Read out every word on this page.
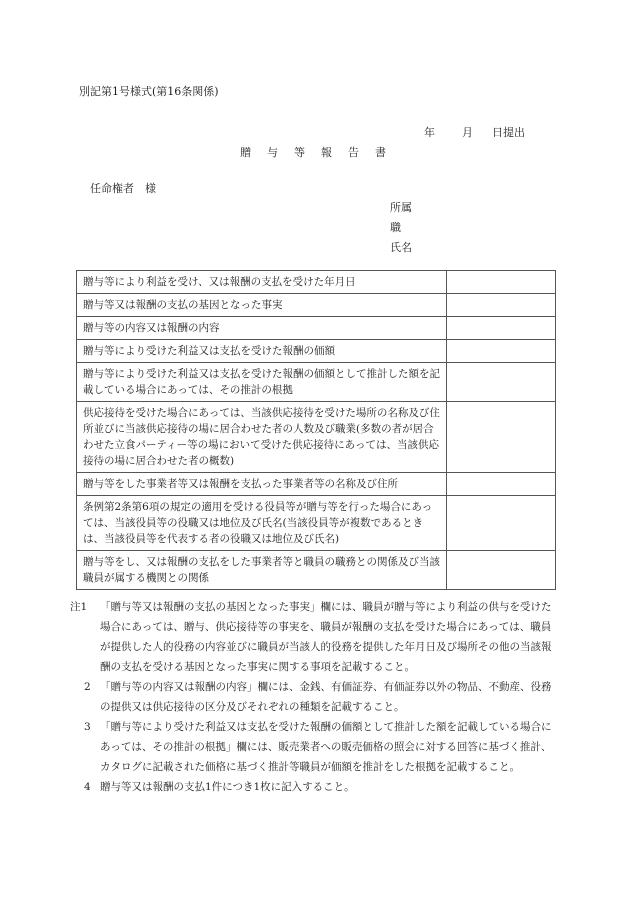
別記第1号様式(第16条関係)
年 月 日提出
贈 与 等 報 告 書
任命権者　様
所属
職
氏名
贈与等により利益を受け、又は報酬の支払を受けた年月日	
贈与等又は報酬の支払の基因となった事実	
贈与等の内容又は報酬の内容	
贈与等により受けた利益又は支払を受けた報酬の価額	
贈与等により受けた利益又は支払を受けた報酬の価額として推計した額を記載している場合にあっては、その推計の根拠	
供応接待を受けた場合にあっては、当該供応接待を受けた場所の名称及び住所並びに当該供応接待の場に居合わせた者の人数及び職業(多数の者が居合わせた立食パーティー等の場において受けた供応接待にあっては、当該供応接待の場に居合わせた者の概数)	
贈与等をした事業者等又は報酬を支払った事業者等の名称及び住所	
条例第2条第6項の規定の適用を受ける役員等が贈与等を行った場合にあっては、当該役員等の役職又は地位及び氏名(当該役員等が複数であるときは、当該役員等を代表する者の役職又は地位及び氏名)	
贈与等をし、又は報酬の支払をした事業者等と職員の職務との関係及び当該職員が属する機関との関係	
注1	「贈与等又は報酬の支払の基因となった事実」欄には、職員が贈与等により利益の供与を受けた場合にあっては、贈与、供応接待等の事実を、職員が報酬の支払を受けた場合にあっては、職員が提供した人的役務の内容並びに職員が当該人的役務を提供した年月日及び場所その他の当該報酬の支払を受ける基因となった事実に関する事項を記載すること。
2 「贈与等の内容又は報酬の内容」欄には、金銭、有価証券、有価証券以外の物品、不動産、役務の提供又は供応接待の区分及びそれぞれの種類を記載すること。
3 「贈与等により受けた利益又は支払を受けた報酬の価額として推計した額を記載している場合にあっては、その推計の根拠」欄には、販売業者への販売価格の照会に対する回答に基づく推計、カタログに記載された価格に基づく推計等職員が価額を推計をした根拠を記載すること。
4 贈与等又は報酬の支払1件につき1枚に記入すること。
